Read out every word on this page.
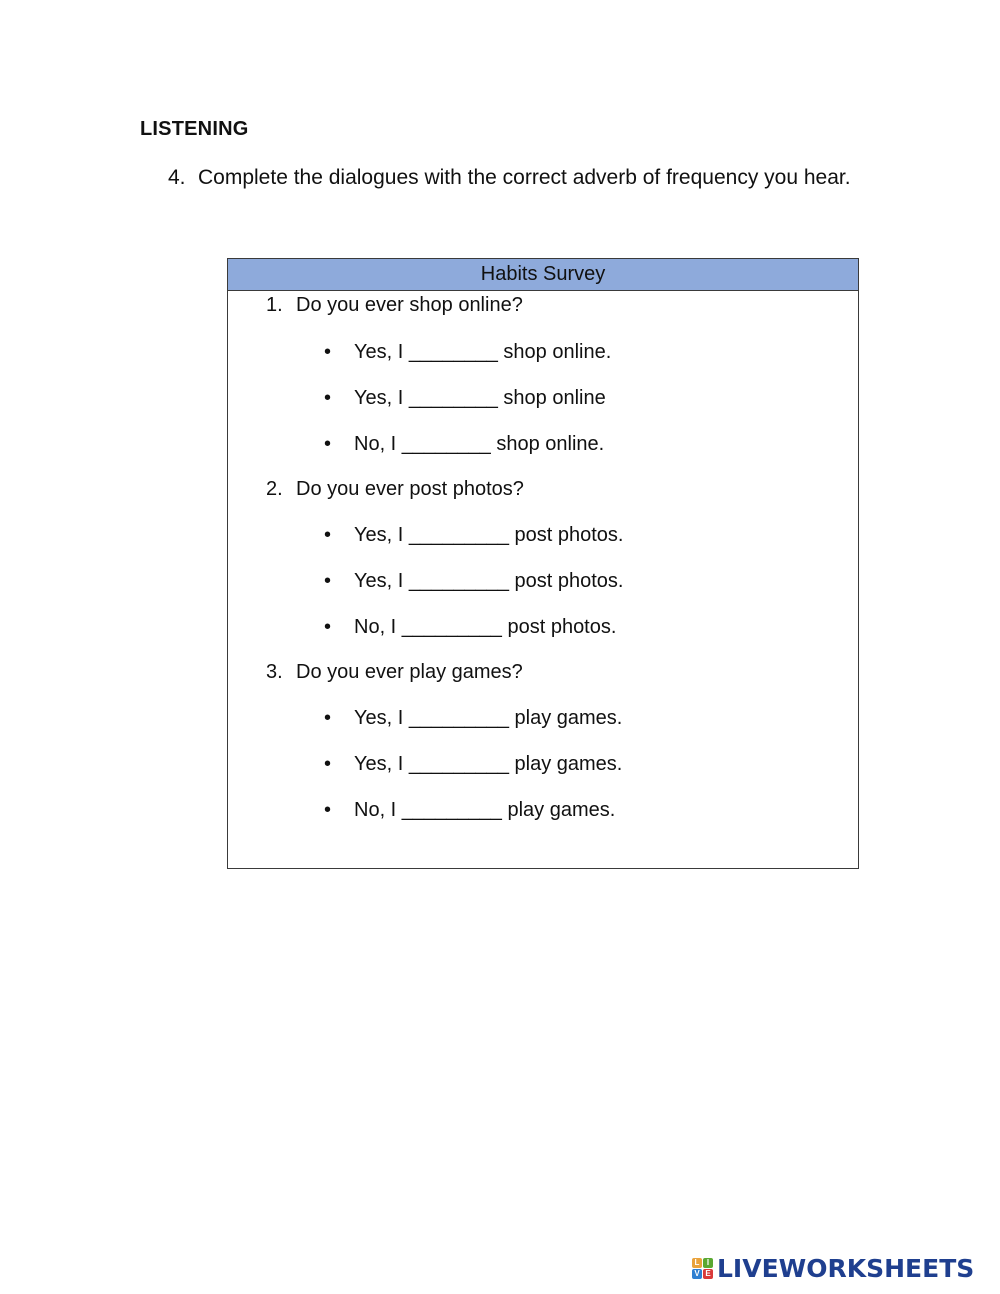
LISTENING
4. Complete the dialogues with the correct adverb of frequency you hear.
Habits Survey
1. Do you ever shop online?
• Yes, I ________ shop online.
• Yes, I ________ shop online
• No, I ________ shop online.
2. Do you ever post photos?
• Yes, I _________ post photos.
• Yes, I _________ post photos.
• No, I _________ post photos.
3. Do you ever play games?
• Yes, I _________ play games.
• Yes, I _________ play games.
• No, I _________ play games.
L I
V E LIVEWORKSHEETS
